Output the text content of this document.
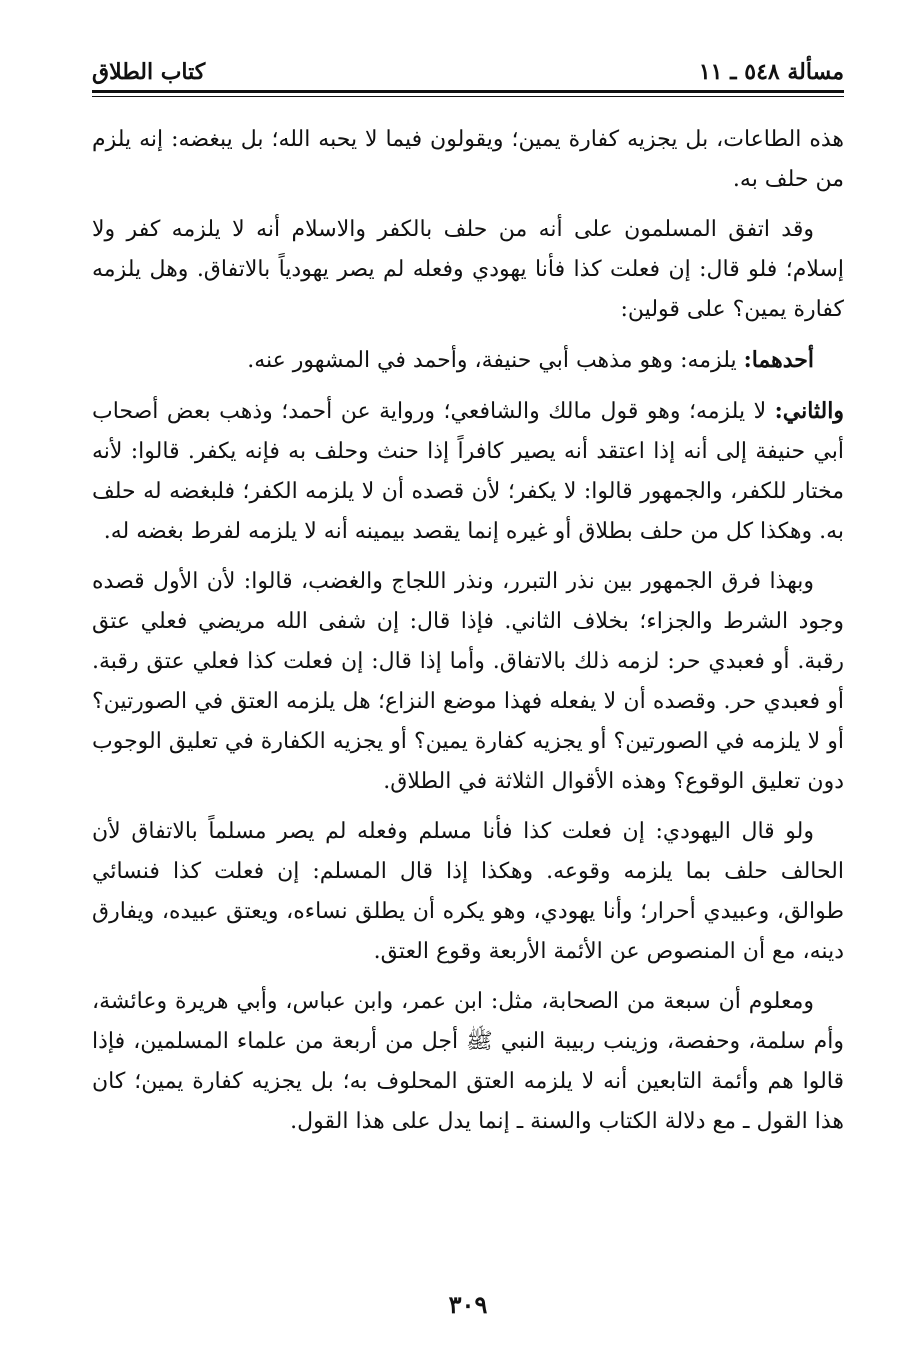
مسألة ٥٤٨ ـ ١١
كتاب الطلاق

هذه الطاعات، بل يجزيه كفارة يمين؛ ويقولون فيما لا يحبه الله؛ بل يبغضه: إنه يلزم من حلف به.

وقد اتفق المسلمون على أنه من حلف بالكفر والاسلام أنه لا يلزمه كفر ولا إسلام؛ فلو قال: إن فعلت كذا فأنا يهودي وفعله لم يصر يهودياً بالاتفاق. وهل يلزمه كفارة يمين؟ على قولين:

أحدهما: يلزمه: وهو مذهب أبي حنيفة، وأحمد في المشهور عنه.

والثاني: لا يلزمه؛ وهو قول مالك والشافعي؛ ورواية عن أحمد؛ وذهب بعض أصحاب أبي حنيفة إلى أنه إذا اعتقد أنه يصير كافراً إذا حنث وحلف به فإنه يكفر. قالوا: لأنه مختار للكفر، والجمهور قالوا: لا يكفر؛ لأن قصده أن لا يلزمه الكفر؛ فلبغضه له حلف به. وهكذا كل من حلف بطلاق أو غيره إنما يقصد بيمينه أنه لا يلزمه لفرط بغضه له.

وبهذا فرق الجمهور بين نذر التبرر، ونذر اللجاج والغضب، قالوا: لأن الأول قصده وجود الشرط والجزاء؛ بخلاف الثاني. فإذا قال: إن شفى الله مريضي فعلي عتق رقبة. أو فعبدي حر: لزمه ذلك بالاتفاق. وأما إذا قال: إن فعلت كذا فعلي عتق رقبة. أو فعبدي حر. وقصده أن لا يفعله فهذا موضع النزاع؛ هل يلزمه العتق في الصورتين؟ أو لا يلزمه في الصورتين؟ أو يجزيه كفارة يمين؟ أو يجزيه الكفارة في تعليق الوجوب دون تعليق الوقوع؟ وهذه الأقوال الثلاثة في الطلاق.

ولو قال اليهودي: إن فعلت كذا فأنا مسلم وفعله لم يصر مسلماً بالاتفاق لأن الحالف حلف بما يلزمه وقوعه. وهكذا إذا قال المسلم: إن فعلت كذا فنسائي طوالق، وعبيدي أحرار؛ وأنا يهودي، وهو يكره أن يطلق نساءه، ويعتق عبيده، ويفارق دينه، مع أن المنصوص عن الأئمة الأربعة وقوع العتق.

ومعلوم أن سبعة من الصحابة، مثل: ابن عمر، وابن عباس، وأبي هريرة وعائشة، وأم سلمة، وحفصة، وزينب ربيبة النبي ﷺ أجل من أربعة من علماء المسلمين، فإذا قالوا هم وأئمة التابعين أنه لا يلزمه العتق المحلوف به؛ بل يجزيه كفارة يمين؛ كان هذا القول ـ مع دلالة الكتاب والسنة ـ إنما يدل على هذا القول.

٣٠٩
